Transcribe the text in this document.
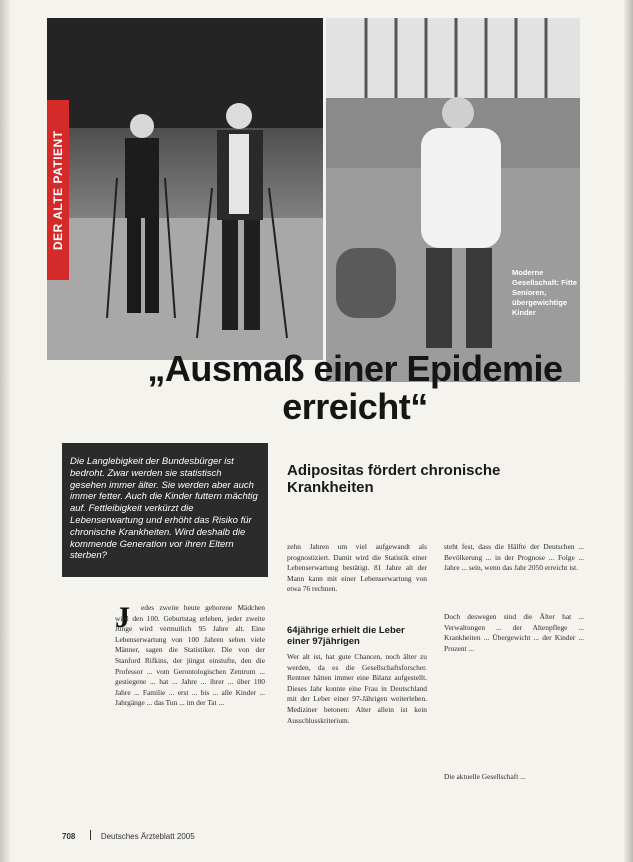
DER ALTE PATIENT
Moderne Gesellschaft: Fitte Senioren, übergewichtige Kinder
„Ausmaß einer Epidemie erreicht“
Die Langlebigkeit der Bundesbürger ist bedroht. Zwar werden sie statistisch gesehen immer älter. Sie werden aber auch immer fetter. Auch die Kinder futtern mächtig auf. Fettleibigkeit verkürzt die Lebenserwartung und erhöht das Risiko für chronische Krankheiten. Wird deshalb die kommende Generation vor ihren Eltern sterben?
Adipositas fördert chronische Krankheiten
J	edes zweite heute geborene Mädchen wird den 100. Geburtstag erleben, jeder zweite Junge wird vermutlich 95 Jahre alt. Eine Lebenserwartung von 100 Jahren sehen viele Männer, sagen die Statistiker. Die von der Stanford Rifkins, der jüngst einstufte, den die Professor ... vom Gerontologischen Zentrum ... gestiegene ... hat ... Jahre ... ihrer ... über 100 Jahre ... Familie ... erst ... bis ... alle Kinder ... Jahrgänge ... das Tun ... im der Tat ...
zehn Jahren um viel aufgewandt als prognostiziert. Damit wird die Statistik einer Lebenserwartung bestätigt. 81 Jahre alt der Mann kann mit einer Lebenserwartung von etwa 76 rechnen.
64jährige erhielt die Leber einer 97jährigen
Wer alt ist, hat gute Chancen, noch älter zu werden, da es die Gesellschaftsforscher. Rentner hätten immer eine Bilanz aufgestellt. Dieses Jahr konnte eine Frau in Deutschland mit der Leber einer 97-Jährigen weiterleben. Mediziner betonen: Alter allein ist kein Ausschlusskriterium.
steht fest, dass die Hälfte der Deutschen ... Bevölkerung ... in der Prognose ... Folge ... Jahre ... sein, wenn das Jahr 2050 erreicht ist.
Doch deswegen sind die Älter hat ... Verwaltungen ... der Altenpflege ... Krankheiten ... Übergewicht ... der Kinder ... Prozent ...
Die aktuelle Gesellschaft ...
708	Deutsches Ärzteblatt 2005
